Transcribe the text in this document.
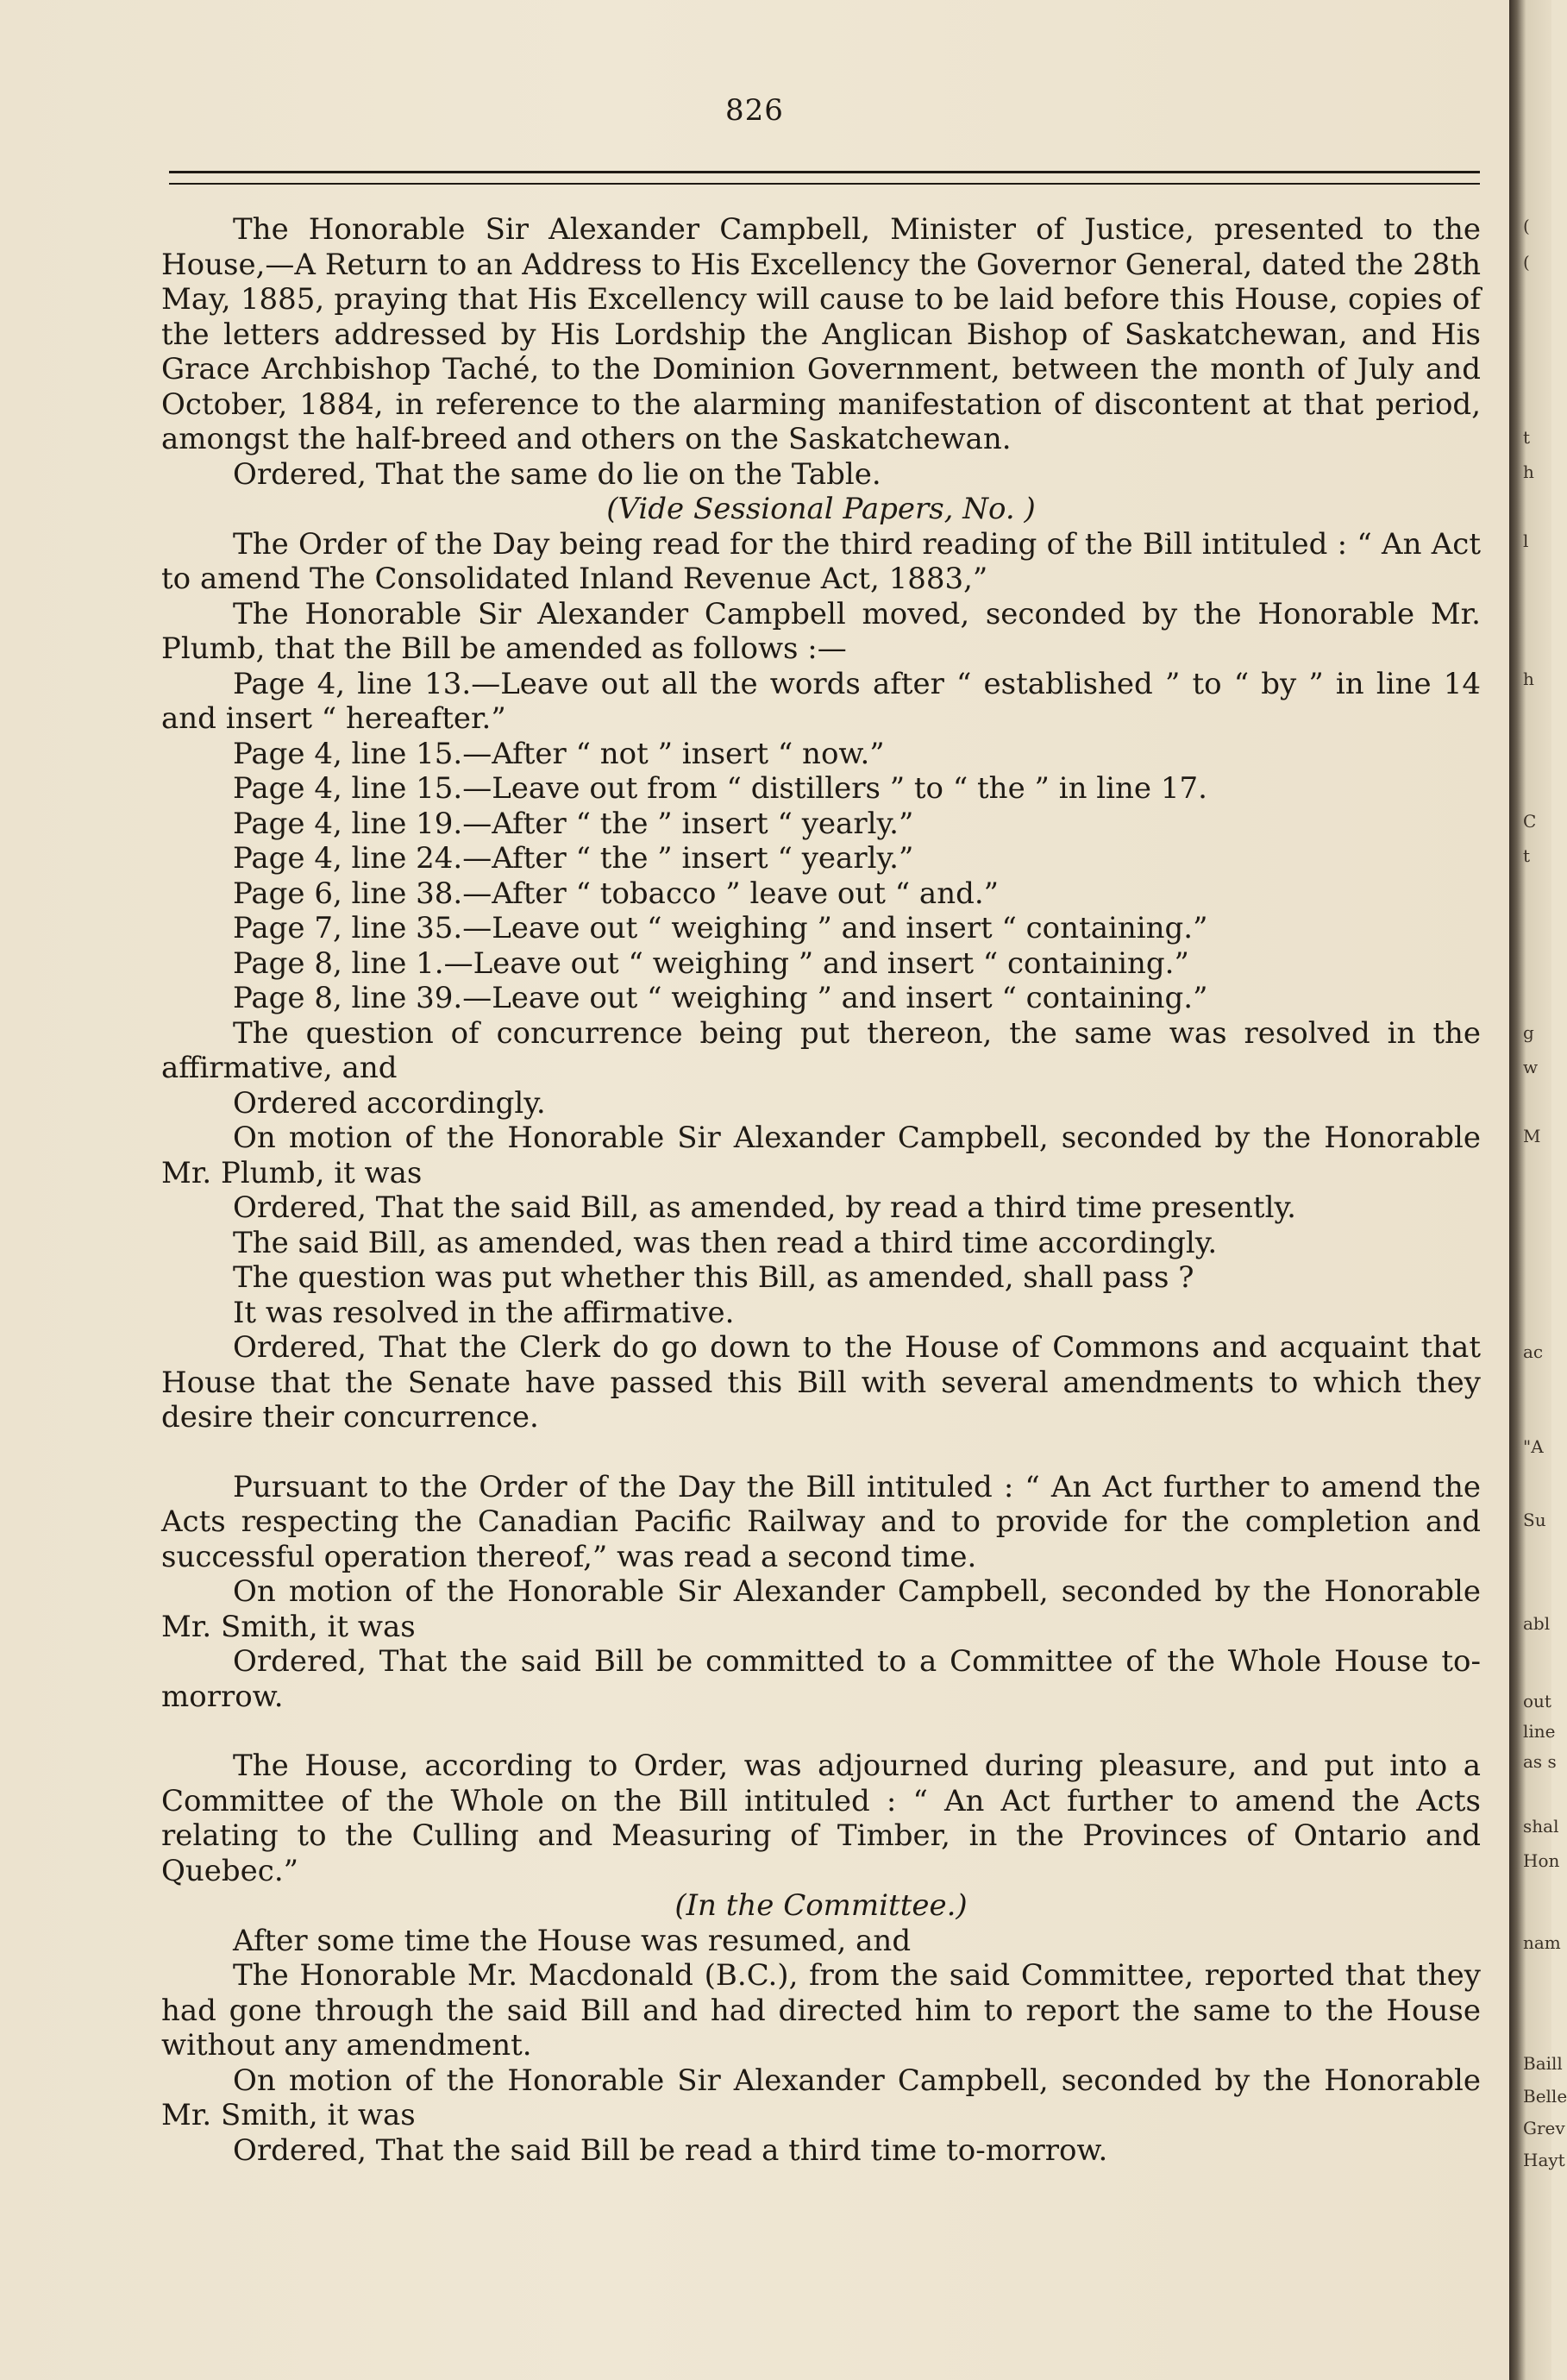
826

The Honorable Sir Alexander Campbell, Minister of Justice, presented to the House,—A Return to an Address to His Excellency the Governor General, dated the 28th May, 1885, praying that His Excellency will cause to be laid before this House, copies of the letters addressed by His Lordship the Anglican Bishop of Saskatchewan, and His Grace Archbishop Taché, to the Dominion Government, between the month of July and October, 1884, in reference to the alarming manifestation of discontent at that period, amongst the half-breed and others on the Saskatchewan.

Ordered, That the same do lie on the Table.

(Vide Sessional Papers, No. )

The Order of the Day being read for the third reading of the Bill intituled : “ An Act to amend The Consolidated Inland Revenue Act, 1883,”

The Honorable Sir Alexander Campbell moved, seconded by the Honorable Mr. Plumb, that the Bill be amended as follows :—

Page 4, line 13.—Leave out all the words after “ established ” to “ by ” in line 14 and insert “ hereafter.”

Page 4, line 15.—After “ not ” insert “ now.”

Page 4, line 15.—Leave out from “ distillers ” to “ the ” in line 17.

Page 4, line 19.—After “ the ” insert “ yearly.”

Page 4, line 24.—After “ the ” insert “ yearly.”

Page 6, line 38.—After “ tobacco ” leave out “ and.”

Page 7, line 35.—Leave out “ weighing ” and insert “ containing.”

Page 8, line 1.—Leave out “ weighing ” and insert “ containing.”

Page 8, line 39.—Leave out “ weighing ” and insert “ containing.”

The question of concurrence being put thereon, the same was resolved in the affirmative, and

Ordered accordingly.

On motion of the Honorable Sir Alexander Campbell, seconded by the Honorable Mr. Plumb, it was

Ordered, That the said Bill, as amended, by read a third time presently.

The said Bill, as amended, was then read a third time accordingly.

The question was put whether this Bill, as amended, shall pass ?

It was resolved in the affirmative.

Ordered, That the Clerk do go down to the House of Commons and acquaint that House that the Senate have passed this Bill with several amendments to which they desire their concurrence.

Pursuant to the Order of the Day the Bill intituled : “ An Act further to amend the Acts respecting the Canadian Pacific Railway and to provide for the completion and successful operation thereof,” was read a second time.

On motion of the Honorable Sir Alexander Campbell, seconded by the Honorable Mr. Smith, it was

Ordered, That the said Bill be committed to a Committee of the Whole House to-morrow.

The House, according to Order, was adjourned during pleasure, and put into a Committee of the Whole on the Bill intituled : “ An Act further to amend the Acts relating to the Culling and Measuring of Timber, in the Provinces of Ontario and Quebec.”

(In the Committee.)

After some time the House was resumed, and

The Honorable Mr. Macdonald (B.C.), from the said Committee, reported that they had gone through the said Bill and had directed him to report the same to the House without any amendment.

On motion of the Honorable Sir Alexander Campbell, seconded by the Honorable Mr. Smith, it was

Ordered, That the said Bill be read a third time to-morrow.

(
(
t
h
l
h
C
t
g
w
M
ac
"A
Su
abl
out
line
as s
shal
Hon
nam
Baill
Belle
Grev
Hayt
